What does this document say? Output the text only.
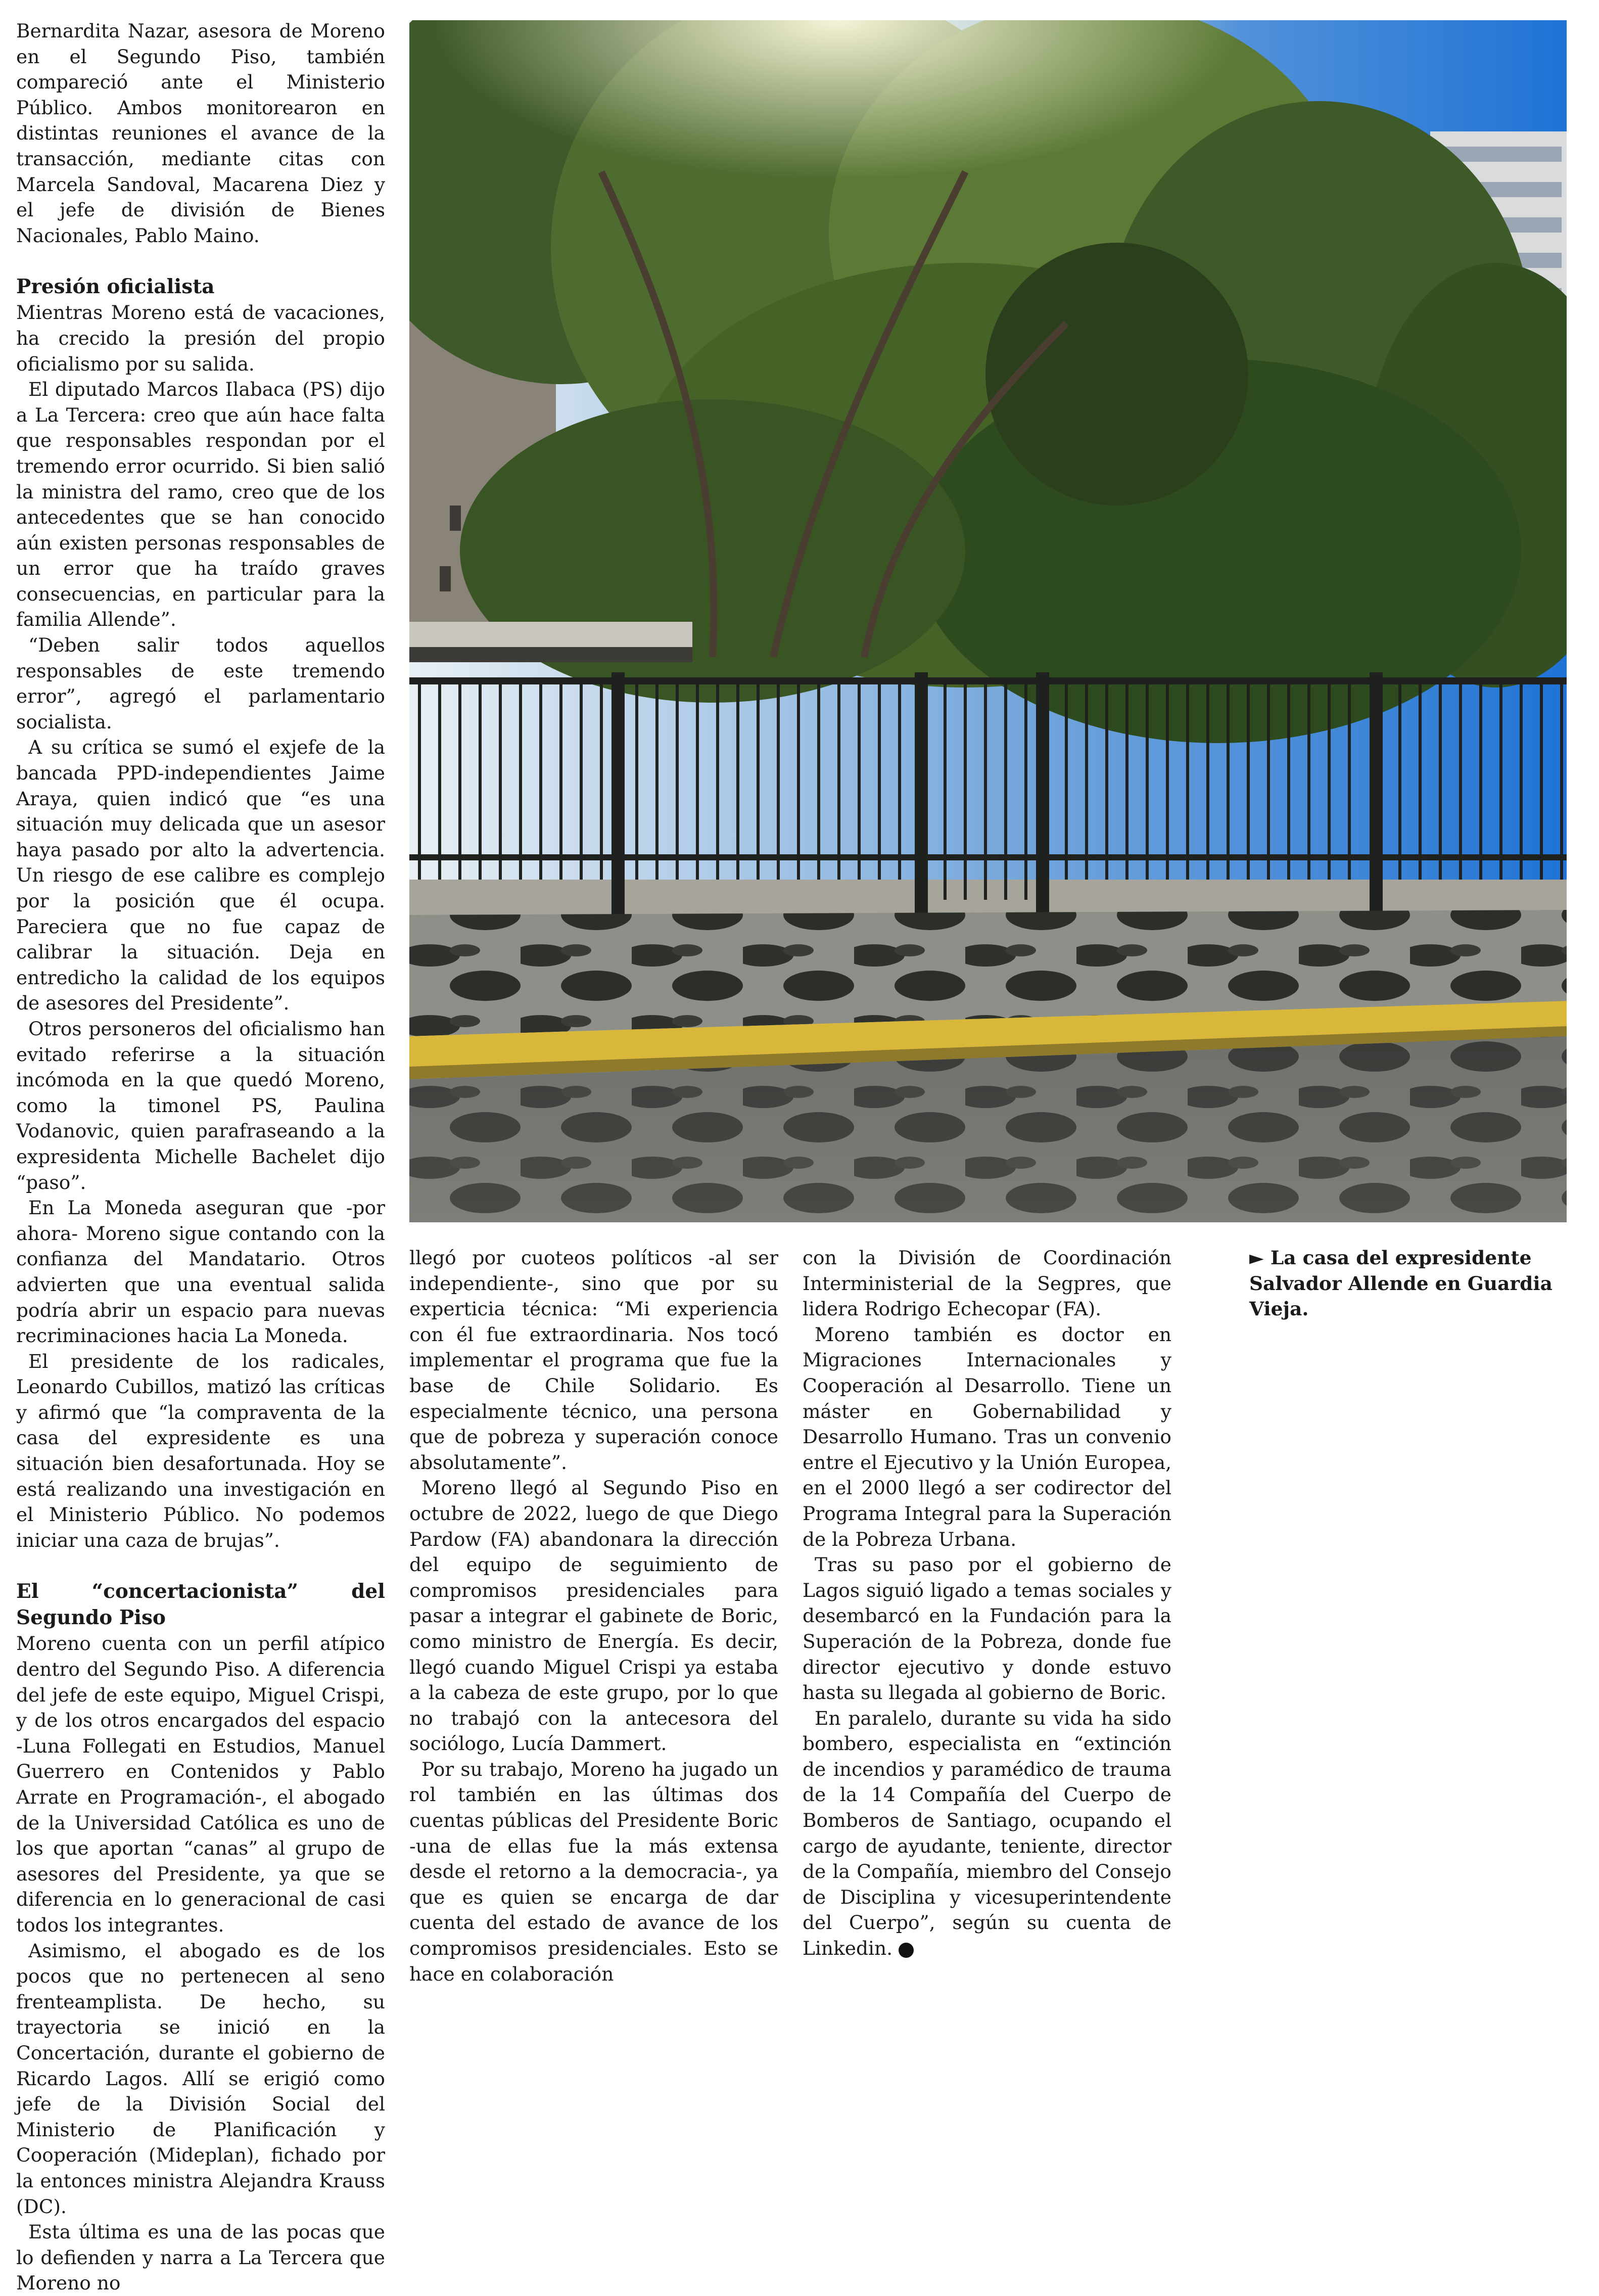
Bernardita Nazar, asesora de Moreno en el Segundo Piso, también compareció ante el Ministerio Público. Ambos monitorearon en distintas reuniones el avance de la transacción, mediante citas con Marcela Sandoval, Macarena Diez y el jefe de división de Bienes Nacionales, Pablo Maino.

Presión oficialista

Mientras Moreno está de vacaciones, ha crecido la presión del propio oficialismo por su salida.

El diputado Marcos Ilabaca (PS) dijo a La Tercera: creo que aún hace falta que responsables respondan por el tremendo error ocurrido. Si bien salió la ministra del ramo, creo que de los antecedentes que se han conocido aún existen personas responsables de un error que ha traído graves consecuencias, en particular para la familia Allende”.

“Deben salir todos aquellos responsables de este tremendo error”, agregó el parlamentario socialista.

A su crítica se sumó el exjefe de la bancada PPD-independientes Jaime Araya, quien indicó que “es una situación muy delicada que un asesor haya pasado por alto la advertencia. Un riesgo de ese calibre es complejo por la posición que él ocupa. Pareciera que no fue capaz de calibrar la situación. Deja en entredicho la calidad de los equipos de asesores del Presidente”.

Otros personeros del oficialismo han evitado referirse a la situación incómoda en la que quedó Moreno, como la timonel PS, Paulina Vodanovic, quien parafraseando a la expresidenta Michelle Bachelet dijo “paso”.

En La Moneda aseguran que -por ahora- Moreno sigue contando con la confianza del Mandatario. Otros advierten que una eventual salida podría abrir un espacio para nuevas recriminaciones hacia La Moneda.

El presidente de los radicales, Leonardo Cubillos, matizó las críticas y afirmó que “la compraventa de la casa del expresidente es una situación bien desafortunada. Hoy se está realizando una investigación en el Ministerio Público. No podemos iniciar una caza de brujas”.

El “concertacionista” del Segundo Piso

Moreno cuenta con un perfil atípico dentro del Segundo Piso. A diferencia del jefe de este equipo, Miguel Crispi, y de los otros encargados del espacio -Luna Follegati en Estudios, Manuel Guerrero en Contenidos y Pablo Arrate en Programación-, el abogado de la Universidad Católica es uno de los que aportan “canas” al grupo de asesores del Presidente, ya que se diferencia en lo generacional de casi todos los integrantes.

Asimismo, el abogado es de los pocos que no pertenecen al seno frenteamplista. De hecho, su trayectoria se inició en la Concertación, durante el gobierno de Ricardo Lagos. Allí se erigió como jefe de la División Social del Ministerio de Planificación y Cooperación (Mideplan), fichado por la entonces ministra Alejandra Krauss (DC).

Esta última es una de las pocas que lo defienden y narra a La Tercera que Moreno no

llegó por cuoteos políticos -al ser independiente-, sino que por su experticia técnica: “Mi experiencia con él fue extraordinaria. Nos tocó implementar el programa que fue la base de Chile Solidario. Es especialmente técnico, una persona que de pobreza y superación conoce absolutamente”.

Moreno llegó al Segundo Piso en octubre de 2022, luego de que Diego Pardow (FA) abandonara la dirección del equipo de seguimiento de compromisos presidenciales para pasar a integrar el gabinete de Boric, como ministro de Energía. Es decir, llegó cuando Miguel Crispi ya estaba a la cabeza de este grupo, por lo que no trabajó con la antecesora del sociólogo, Lucía Dammert.

Por su trabajo, Moreno ha jugado un rol también en las últimas dos cuentas públicas del Presidente Boric -una de ellas fue la más extensa desde el retorno a la democracia-, ya que es quien se encarga de dar cuenta del estado de avance de los compromisos presidenciales. Esto se hace en colaboración

con la División de Coordinación Interministerial de la Segpres, que lidera Rodrigo Echecopar (FA).

Moreno también es doctor en Migraciones Internacionales y Cooperación al Desarrollo. Tiene un máster en Gobernabilidad y Desarrollo Humano. Tras un convenio entre el Ejecutivo y la Unión Europea, en el 2000 llegó a ser codirector del Programa Integral para la Superación de la Pobreza Urbana.

Tras su paso por el gobierno de Lagos siguió ligado a temas sociales y desembarcó en la Fundación para la Superación de la Pobreza, donde fue director ejecutivo y donde estuvo hasta su llegada al gobierno de Boric.

En paralelo, durante su vida ha sido bombero, especialista en “extinción de incendios y paramédico de trauma de la 14 Compañía del Cuerpo de Bomberos de Santiago, ocupando el cargo de ayudante, teniente, director de la Compañía, miembro del Consejo de Disciplina y vicesuperintendente del Cuerpo”, según su cuenta de Linkedin.

► La casa del expresidente Salvador Allende en Guardia Vieja.
